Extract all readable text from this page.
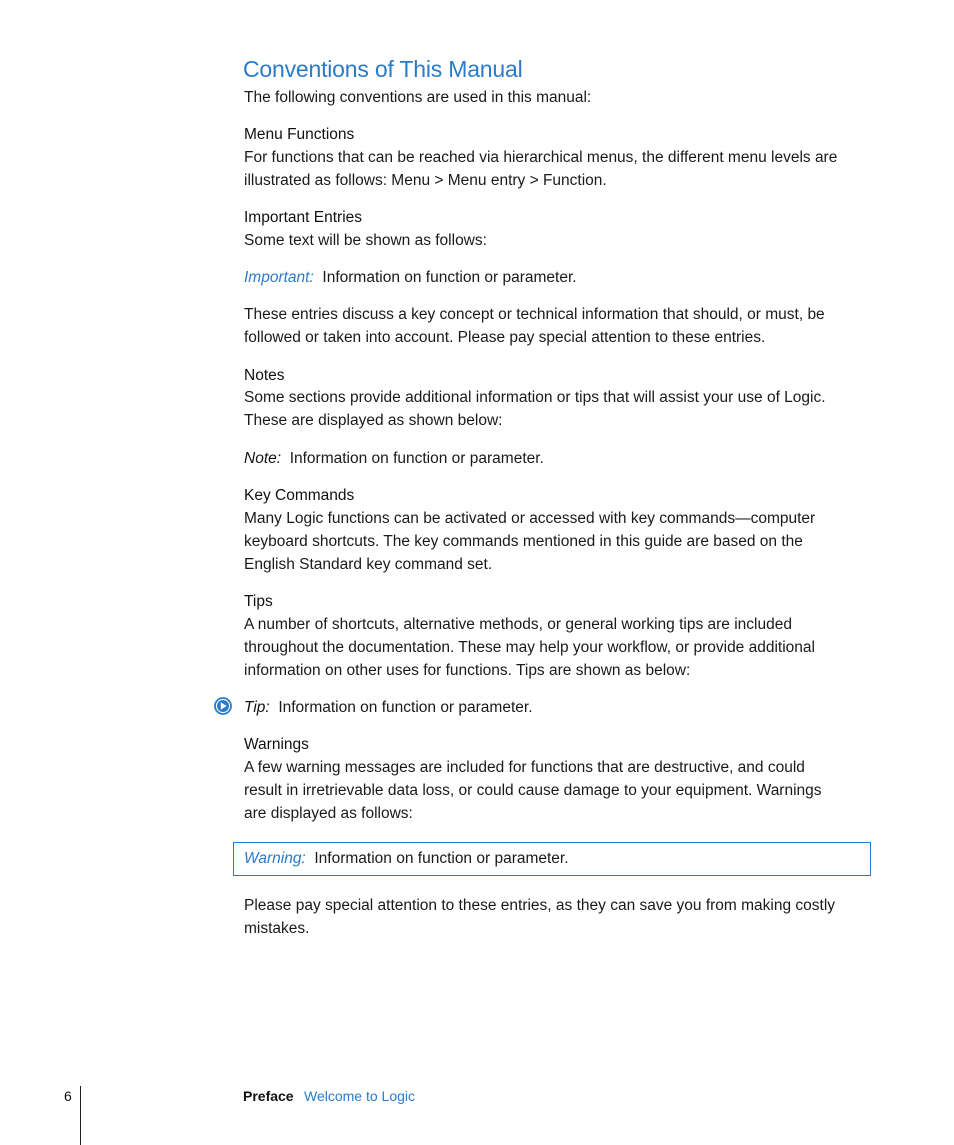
Conventions of This Manual
The following conventions are used in this manual:
Menu Functions
For functions that can be reached via hierarchical menus, the different menu levels are
illustrated as follows: Menu > Menu entry > Function.
Important Entries
Some text will be shown as follows:
Important: Information on function or parameter.
These entries discuss a key concept or technical information that should, or must, be
followed or taken into account. Please pay special attention to these entries.
Notes
Some sections provide additional information or tips that will assist your use of Logic.
These are displayed as shown below:
Note: Information on function or parameter.
Key Commands
Many Logic functions can be activated or accessed with key commands—computer
keyboard shortcuts. The key commands mentioned in this guide are based on the
English Standard key command set.
Tips
A number of shortcuts, alternative methods, or general working tips are included
throughout the documentation. These may help your workflow, or provide additional
information on other uses for functions. Tips are shown as below:
Tip: Information on function or parameter.
Warnings
A few warning messages are included for functions that are destructive, and could
result in irretrievable data loss, or could cause damage to your equipment. Warnings
are displayed as follows:
Warning: Information on function or parameter.
Please pay special attention to these entries, as they can save you from making costly
mistakes.
6	Preface Welcome to Logic
